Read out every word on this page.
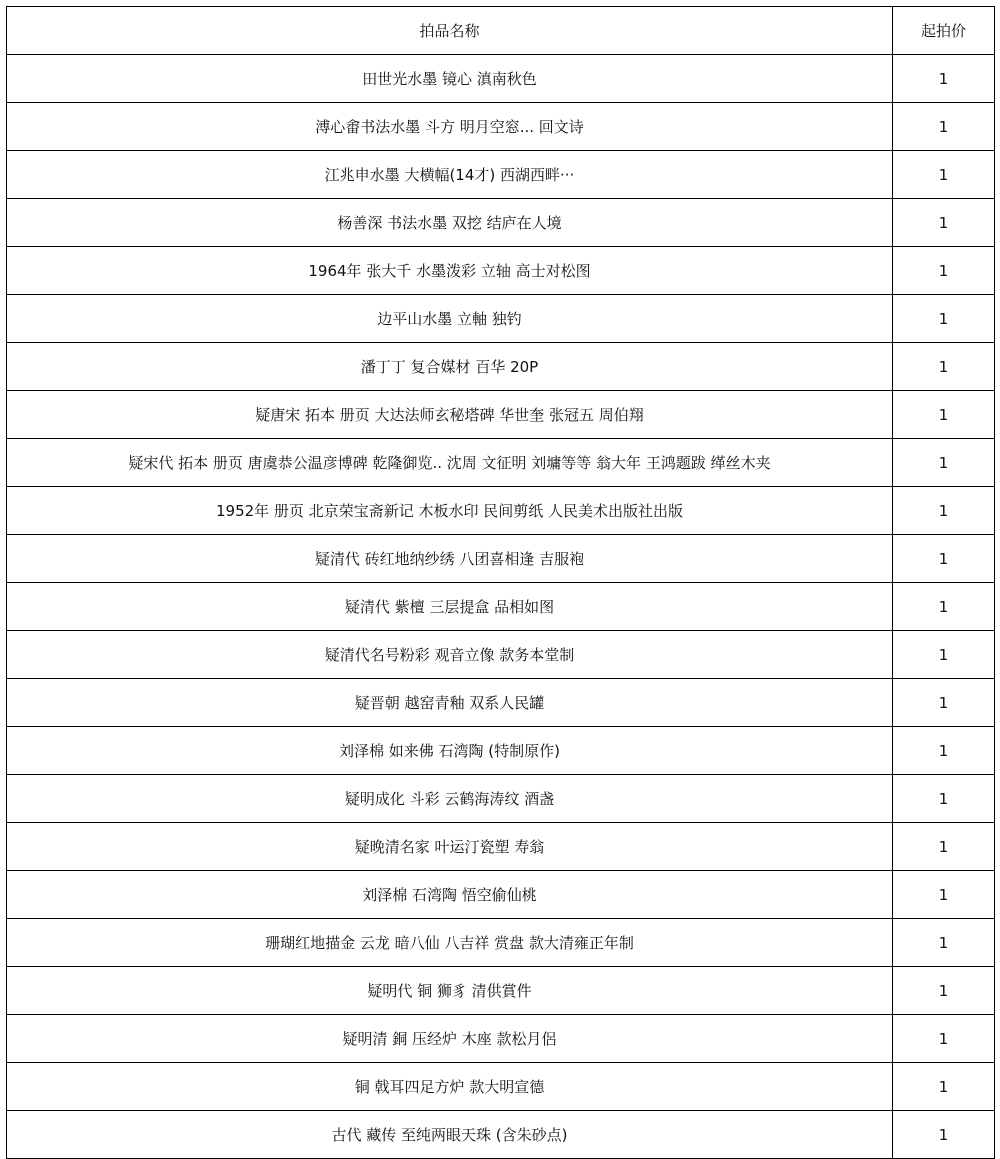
拍品名称	起拍价
田世光水墨 镜心 滇南秋色	1
溥心畬书法水墨 斗方 明月空窓... 回文诗	1
江兆申水墨 大横幅(14才) 西湖西畔···	1
杨善深 书法水墨 双挖 结庐在人境	1
1964年 张大千 水墨泼彩 立轴 高士对松图	1
边平山水墨 立軸 独钓	1
潘丁丁 复合媒材 百华 20P	1
疑唐宋 拓本 册页 大达法师玄秘塔碑 华世奎 张冠五 周伯翔	1
疑宋代 拓本 册页 唐虞恭公温彦博碑 乾隆御览.. 沈周 文征明 刘墉等等 翁大年 王鸿题跋 缂丝木夹	1
1952年 册页 北京荣宝斋新记 木板水印 民间剪纸 人民美术出版社出版	1
疑清代 砖红地纳纱绣 八团喜相逢 吉服袍	1
疑清代 紫檀 三层提盒 品相如图	1
疑清代名号粉彩 观音立像 款务本堂制	1
疑晋朝 越窑青釉 双系人民罐	1
刘泽棉 如来佛 石湾陶 (特制原作)	1
疑明成化 斗彩 云鹤海涛纹 酒盏	1
疑晚清名家 叶运汀瓷塑 寿翁	1
刘泽棉 石湾陶 悟空偷仙桃	1
珊瑚红地描金 云龙 暗八仙 八吉祥 赏盘 款大清雍正年制	1
疑明代 铜 狮豸 清供賞件	1
疑明清 銅 压经炉 木座 款松月侶	1
铜 戟耳四足方炉 款大明宣德	1
古代 藏传 至纯两眼天珠 (含朱砂点)	1
